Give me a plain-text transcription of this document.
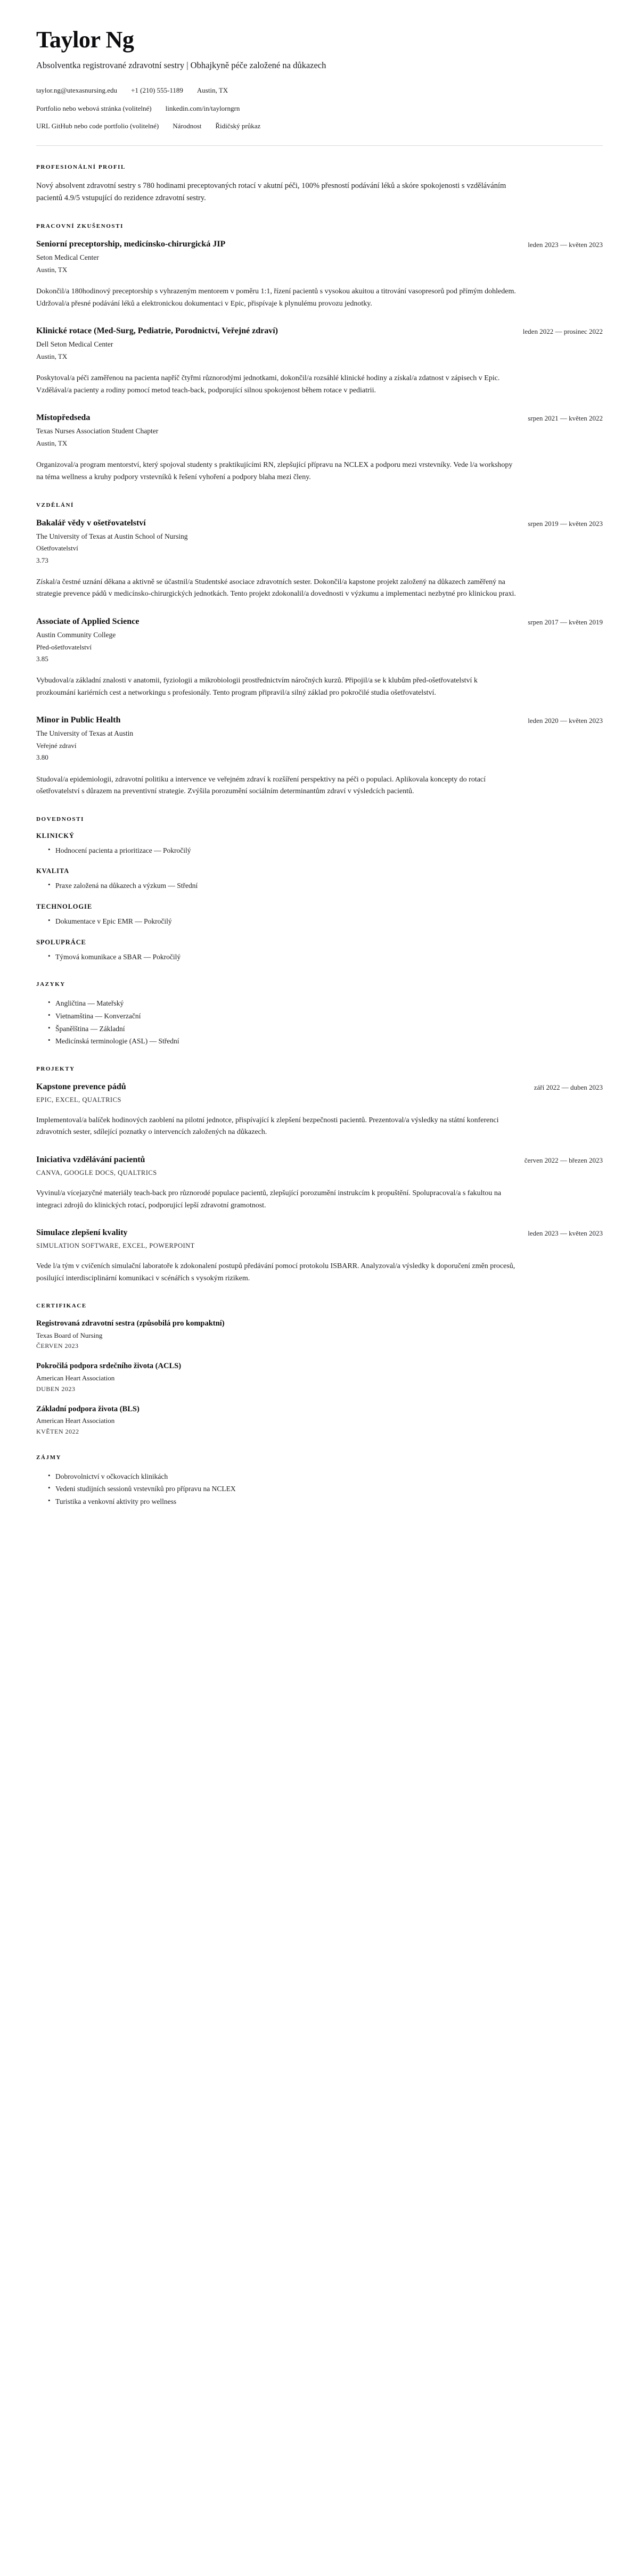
Taylor Ng

Absolventka registrované zdravotní sestry | Obhajkyně péče založené na důkazech

taylor.ng@utexasnursing.edu +1 (210) 555-1189 Austin, TX
Portfolio nebo webová stránka (volitelné) linkedin.com/in/taylorngrn
URL GitHub nebo code portfolio (volitelné) Národnost Řidičský průkaz
PROFESIONÁLNÍ PROFIL

Nový absolvent zdravotní sestry s 780 hodinami preceptovaných rotací v akutní péči, 100% přesností podávání léků a skóre spokojenosti s vzděláváním pacientů 4.9/5 vstupující do rezidence zdravotní sestry.

PRACOVNÍ ZKUŠENOSTI
Seniorní preceptorship, medicínsko-chirurgická JIP	leden 2023 — květen 2023

Seton Medical Center

Austin, TX

Dokončil/a 180hodinový preceptorship s vyhrazeným mentorem v poměru 1:1, řízení pacientů s vysokou akuitou a titrování vasopresorů pod přímým dohledem. Udržoval/a přesné podávání léků a elektronickou dokumentaci v Epic, přispívaje k plynulému provozu jednotky.

Klinické rotace (Med-Surg, Pediatrie, Porodnictví, Veřejné zdraví)	leden 2022 — prosinec 2022

Dell Seton Medical Center

Austin, TX

Poskytoval/a péči zaměřenou na pacienta napříč čtyřmi různorodými jednotkami, dokončil/a rozsáhlé klinické hodiny a získal/a zdatnost v zápisech v Epic. Vzdělával/a pacienty a rodiny pomocí metod teach-back, podporující silnou spokojenost během rotace v pediatrii.

Místopředseda	srpen 2021 — květen 2022

Texas Nurses Association Student Chapter

Austin, TX

Organizoval/a program mentorství, který spojoval studenty s praktikujícími RN, zlepšující přípravu na NCLEX a podporu mezi vrstevníky. Vede l/a workshopy na téma wellness a kruhy podpory vrstevníků k řešení vyhoření a podpory blaha mezi členy.

VZDĚLÁNÍ
Bakalář vědy v ošetřovatelství	srpen 2019 — květen 2023

The University of Texas at Austin School of Nursing

Ošetřovatelství

3.73

Získal/a čestné uznání děkana a aktivně se účastnil/a Studentské asociace zdravotních sester. Dokončil/a kapstone projekt založený na důkazech zaměřený na strategie prevence pádů v medicínsko-chirurgických jednotkách. Tento projekt zdokonalil/a dovednosti v výzkumu a implementaci nezbytné pro klinickou praxi.

Associate of Applied Science	srpen 2017 — květen 2019

Austin Community College

Před-ošetřovatelství

3.85

Vybudoval/a základní znalosti v anatomii, fyziologii a mikrobiologii prostřednictvím náročných kurzů. Připojil/a se k klubům před-ošetřovatelství k prozkoumání kariérních cest a networkingu s profesionály. Tento program připravil/a silný základ pro pokročilé studia ošetřovatelství.

Minor in Public Health	leden 2020 — květen 2023

The University of Texas at Austin

Veřejné zdraví

3.80

Studoval/a epidemiologii, zdravotní politiku a intervence ve veřejném zdraví k rozšíření perspektivy na péči o populaci. Aplikovala koncepty do rotací ošetřovatelství s důrazem na preventivní strategie. Zvýšila porozumění sociálním determinantům zdraví v výsledcích pacientů.

DOVEDNOSTI
KLINICKÝ
• Hodnocení pacienta a prioritizace — Pokročilý
KVALITA
• Praxe založená na důkazech a výzkum — Střední
TECHNOLOGIE
• Dokumentace v Epic EMR — Pokročilý
SPOLUPRÁCE
• Týmová komunikace a SBAR — Pokročilý
JAZYKY
• Angličtina — Mateřský
• Vietnamština — Konverzační
• Španělština — Základní
• Medicínská terminologie (ASL) — Střední
PROJEKTY
Kapstone prevence pádů	září 2022 — duben 2023

EPIC, EXCEL, QUALTRICS

Implementoval/a balíček hodinových zaoblení na pilotní jednotce, přispívající k zlepšení bezpečnosti pacientů. Prezentoval/a výsledky na státní konferenci zdravotních sester, sdílející poznatky o intervencích založených na důkazech.

Iniciativa vzdělávání pacientů	červen 2022 — březen 2023

CANVA, GOOGLE DOCS, QUALTRICS

Vyvinul/a vícejazyčné materiály teach-back pro různorodé populace pacientů, zlepšující porozumění instrukcím k propuštění. Spolupracoval/a s fakultou na integraci zdrojů do klinických rotací, podporující lepší zdravotní gramotnost.

Simulace zlepšení kvality	leden 2023 — květen 2023

SIMULATION SOFTWARE, EXCEL, POWERPOINT

Vede l/a tým v cvičeních simulační laboratoře k zdokonalení postupů předávání pomocí protokolu ISBARR. Analyzoval/a výsledky k doporučení změn procesů, posilující interdisciplinární komunikaci v scénářích s vysokým rizikem.

CERTIFIKACE

Registrovaná zdravotní sestra (způsobilá pro kompaktní)

Texas Board of Nursing

ČERVEN 2023

Pokročilá podpora srdečního života (ACLS)

American Heart Association

DUBEN 2023

Základní podpora života (BLS)

American Heart Association

KVĚTEN 2022

ZÁJMY
• Dobrovolnictví v očkovacích klinikách
• Vedeni studijních sessionů vrstevníků pro přípravu na NCLEX
• Turistika a venkovní aktivity pro wellness
